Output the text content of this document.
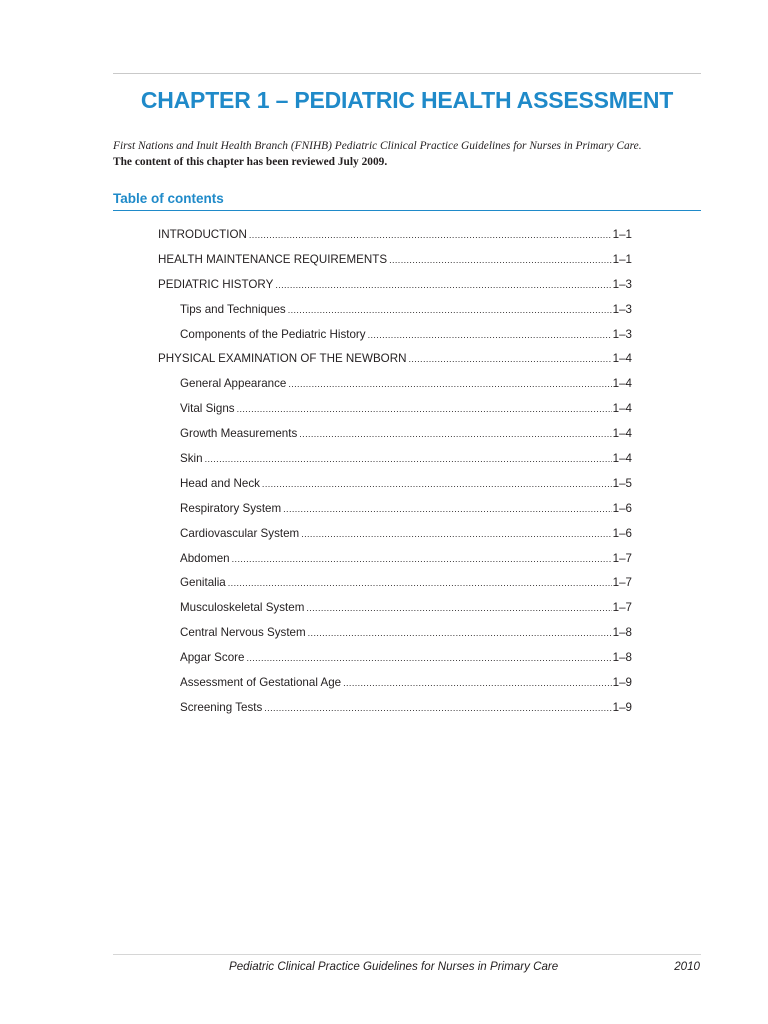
CHAPTER 1 – PEDIATRIC HEALTH ASSESSMENT
First Nations and Inuit Health Branch (FNIHB) Pediatric Clinical Practice Guidelines for Nurses in Primary Care.
The content of this chapter has been reviewed July 2009.
Table of contents
INTRODUCTION .....	1–1
HEALTH MAINTENANCE REQUIREMENTS .....	1–1
PEDIATRIC HISTORY .....	1–3
Tips and Techniques .....	1–3
Components of the Pediatric History .....	1–3
PHYSICAL EXAMINATION OF THE NEWBORN .....	1–4
General Appearance .....	1–4
Vital Signs .....	1–4
Growth Measurements .....	1–4
Skin .....	1–4
Head and Neck .....	1–5
Respiratory System .....	1–6
Cardiovascular System .....	1–6
Abdomen .....	1–7
Genitalia .....	1–7
Musculoskeletal System .....	1–7
Central Nervous System .....	1–8
Apgar Score .....	1–8
Assessment of Gestational Age .....	1–9
Screening Tests .....	1–9
Pediatric Clinical Practice Guidelines for Nurses in Primary Care	2010
